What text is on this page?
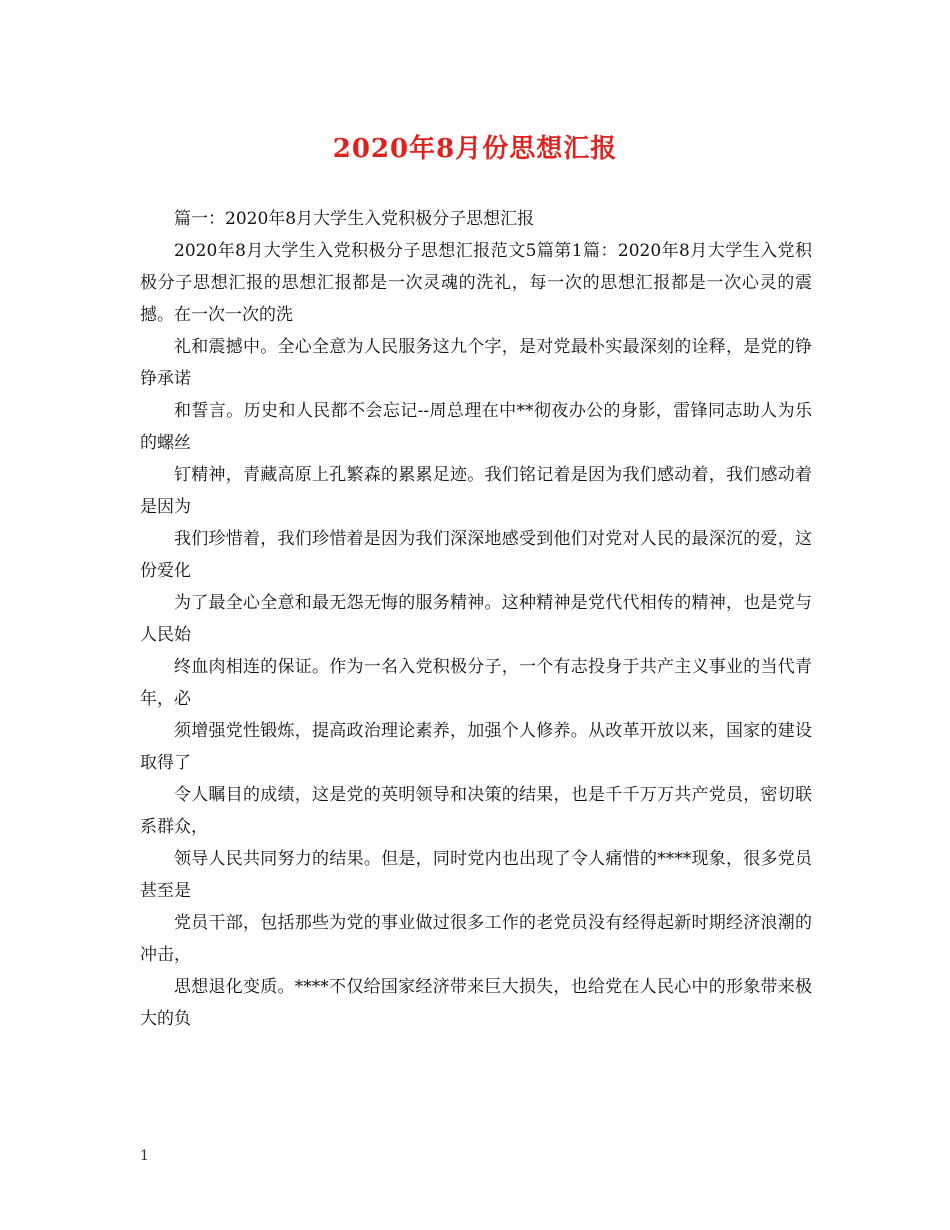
2020年8月份思想汇报

篇一：2020年8月大学生入党积极分子思想汇报

2020年8月大学生入党积极分子思想汇报范文5篇第1篇：2020年8月大学生入党积极分子思想汇报的思想汇报都是一次灵魂的洗礼，每一次的思想汇报都是一次心灵的震撼。在一次一次的洗

礼和震撼中。全心全意为人民服务这九个字，是对党最朴实最深刻的诠释，是党的铮铮承诺

和誓言。历史和人民都不会忘记--周总理在中**彻夜办公的身影，雷锋同志助人为乐的螺丝

钉精神，青藏高原上孔繁森的累累足迹。我们铭记着是因为我们感动着，我们感动着是因为

我们珍惜着，我们珍惜着是因为我们深深地感受到他们对党对人民的最深沉的爱，这份爱化

为了最全心全意和最无怨无悔的服务精神。这种精神是党代代相传的精神，也是党与人民始

终血肉相连的保证。作为一名入党积极分子，一个有志投身于共产主义事业的当代青年，必

须增强党性锻炼，提高政治理论素养，加强个人修养。从改革开放以来，国家的建设取得了

令人瞩目的成绩，这是党的英明领导和决策的结果，也是千千万万共产党员，密切联系群众，

领导人民共同努力的结果。但是，同时党内也出现了令人痛惜的****现象，很多党员甚至是

党员干部，包括那些为党的事业做过很多工作的老党员没有经得起新时期经济浪潮的冲击，

思想退化变质。****不仅给国家经济带来巨大损失，也给党在人民心中的形象带来极大的负

1
